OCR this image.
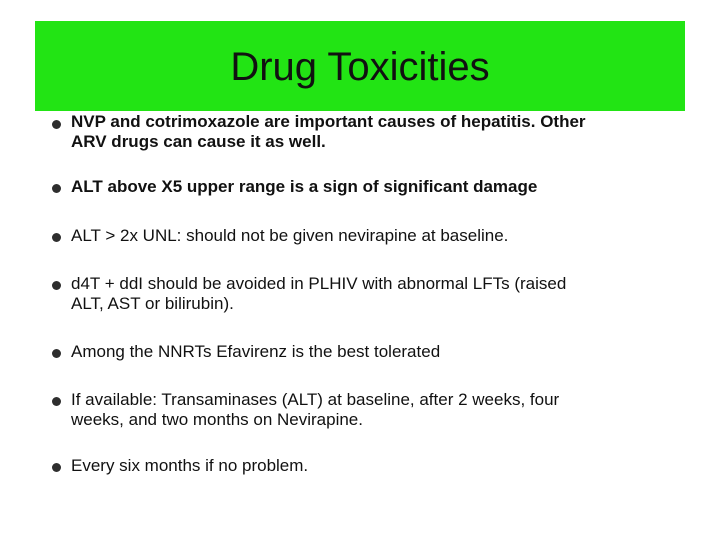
Drug Toxicities
NVP and cotrimoxazole are important causes of hepatitis. Other
ARV drugs can cause it as well.
ALT above X5 upper range is a sign of significant damage
ALT > 2x UNL: should not be given nevirapine at baseline.
d4T + ddI should be avoided in PLHIV with abnormal LFTs (raised
ALT, AST or bilirubin).
Among the NNRTs Efavirenz is the best tolerated
If available: Transaminases (ALT) at baseline, after 2 weeks, four
weeks, and two months on Nevirapine.
Every six months if no problem.
